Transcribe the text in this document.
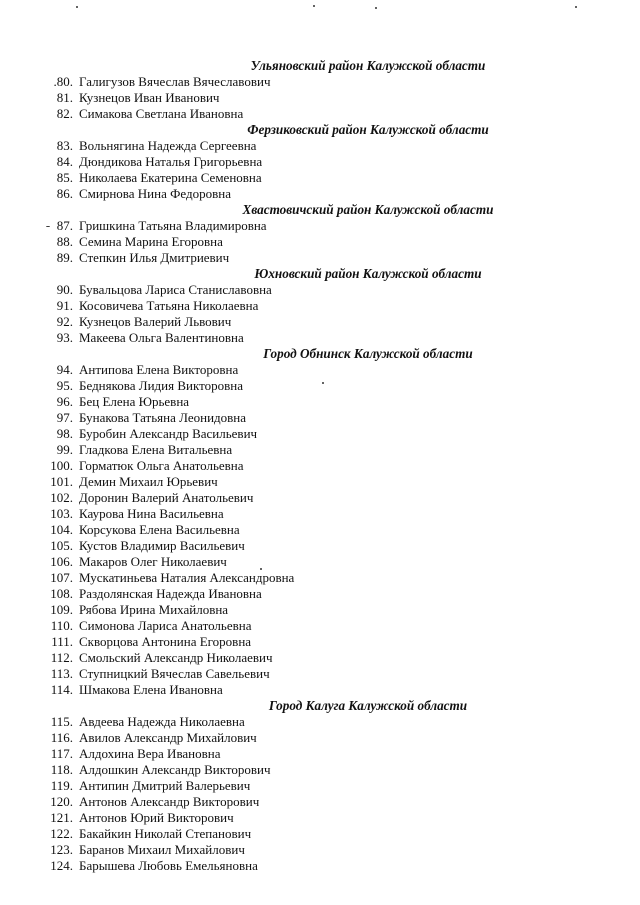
Ульяновский район Калужской области
.80. Галигузов Вячеслав Вячеславович
81. Кузнецов Иван Иванович
82. Симакова Светлана Ивановна
Ферзиковский район Калужской области
83. Вольнягина Надежда Сергеевна
84. Дюндикова Наталья Григорьевна
85. Николаева Екатерина Семеновна
86. Смирнова Нина Федоровна
Хвастовичский район Калужской области
87. Гришкина Татьяна Владимировна
88. Семина Марина Егоровна
89. Степкин Илья Дмитриевич
Юхновский район Калужской области
90. Бувальцова Лариса Станиславовна
91. Косовичева Татьяна Николаевна
92. Кузнецов Валерий Львович
93. Макеева Ольга Валентиновна
Город Обнинск Калужской области
94. Антипова Елена Викторовна
95. Беднякова Лидия Викторовна
96. Бец Елена Юрьевна
97. Бунакова Татьяна Леонидовна
98. Буробин Александр Васильевич
99. Гладкова Елена Витальевна
100. Горматюк Ольга Анатольевна
101. Демин Михаил Юрьевич
102. Доронин Валерий Анатольевич
103. Каурова Нина Васильевна
104. Корсукова Елена Васильевна
105. Кустов Владимир Васильевич
106. Макаров Олег Николаевич
107. Мускатиньева Наталия Александровна
108. Раздолянская Надежда Ивановна
109. Рябова Ирина Михайловна
110. Симонова Лариса Анатольевна
111. Скворцова Антонина Егоровна
112. Смольский Александр Николаевич
113. Ступницкий Вячеслав Савельевич
114. Шмакова Елена Ивановна
Город Калуга Калужской области
115. Авдеева Надежда Николаевна
116. Авилов Александр Михайлович
117. Алдохина Вера Ивановна
118. Алдошкин Александр Викторович
119. Антипин Дмитрий Валерьевич
120. Антонов Александр Викторович
121. Антонов Юрий Викторович
122. Бакайкин Николай Степанович
123. Баранов Михаил Михайлович
124. Барышева Любовь Емельяновна
